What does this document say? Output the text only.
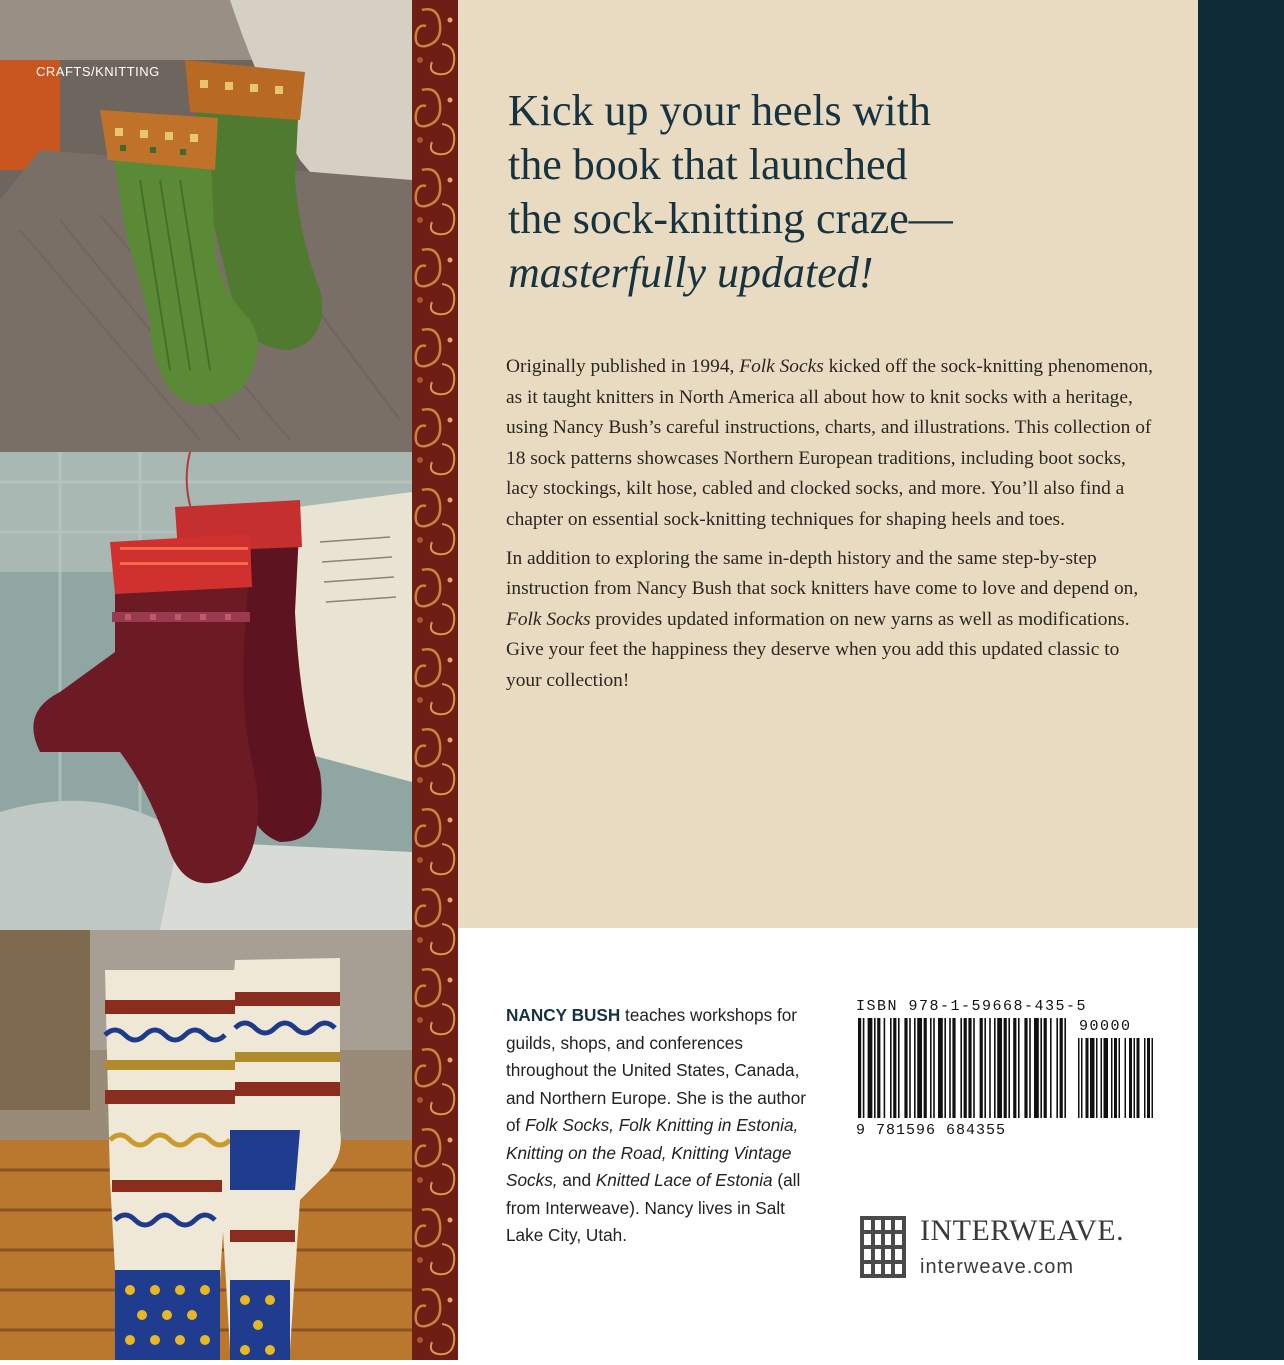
CRAFTS/KNITTING
Kick up your heels with
the book that launched
the sock-knitting craze—
masterfully updated!

Originally published in 1994, Folk Socks kicked off the sock-knitting phenomenon, as it taught knitters in North America all about how to knit socks with a heritage, using Nancy Bush’s careful instructions, charts, and illustrations. This collection of 18 sock patterns showcases Northern European traditions, including boot socks, lacy stockings, kilt hose, cabled and clocked socks, and more. You’ll also find a chapter on essential sock-knitting techniques for shaping heels and toes.

In addition to exploring the same in-depth history and the same step-by-step instruction from Nancy Bush that sock knitters have come to love and depend on, Folk Socks provides updated information on new yarns as well as modifications. Give your feet the happiness they deserve when you add this updated classic to your collection!

NANCY BUSH teaches workshops for guilds, shops, and conferences throughout the United States, Canada, and Northern Europe. She is the author of Folk Socks, Folk Knitting in Estonia, Knitting on the Road, Knitting Vintage Socks, and Knitted Lace of Estonia (all from Interweave). Nancy lives in Salt Lake City, Utah.
ISBN 978-1-59668-435-5
90000
9 781596 684355
INTERWEAVE.
interweave.com
